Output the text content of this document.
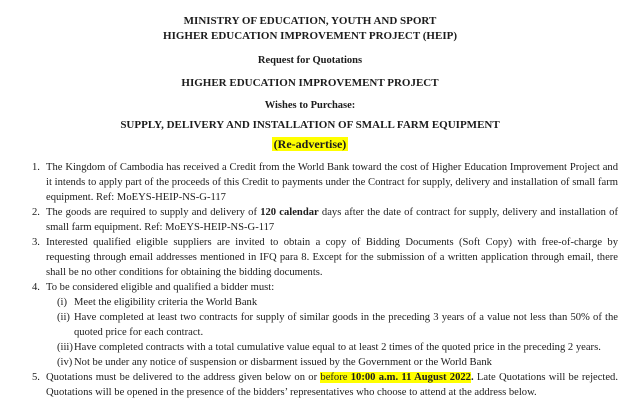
MINISTRY OF EDUCATION, YOUTH AND SPORT
HIGHER EDUCATION IMPROVEMENT PROJECT (HEIP)
Request for Quotations
HIGHER EDUCATION IMPROVEMENT PROJECT
Wishes to Purchase:
SUPPLY, DELIVERY AND INSTALLATION OF SMALL FARM EQUIPMENT
(Re-advertise)
1. The Kingdom of Cambodia has received a Credit from the World Bank toward the cost of Higher Education Improvement Project and it intends to apply part of the proceeds of this Credit to payments under the Contract for supply, delivery and installation of small farm equipment. Ref: MoEYS-HEIP-NS-G-117
2. The goods are required to supply and delivery of 120 calendar days after the date of contract for supply, delivery and installation of small farm equipment. Ref: MoEYS-HEIP-NS-G-117
3. Interested qualified eligible suppliers are invited to obtain a copy of Bidding Documents (Soft Copy) with free-of-charge by requesting through email addresses mentioned in IFQ para 8. Except for the submission of a written application through email, there shall be no other conditions for obtaining the bidding documents.
4. To be considered eligible and qualified a bidder must:
(i) Meet the eligibility criteria the World Bank
(ii) Have completed at least two contracts for supply of similar goods in the preceding 3 years of a value not less than 50% of the quoted price for each contract.
(iii) Have completed contracts with a total cumulative value equal to at least 2 times of the quoted price in the preceding 2 years.
(iv) Not be under any notice of suspension or disbarment issued by the Government or the World Bank
5. Quotations must be delivered to the address given below on or before 10:00 a.m. 11 August 2022. Late Quotations will be rejected. Quotations will be opened in the presence of the bidders’ representatives who choose to attend at the address below.
